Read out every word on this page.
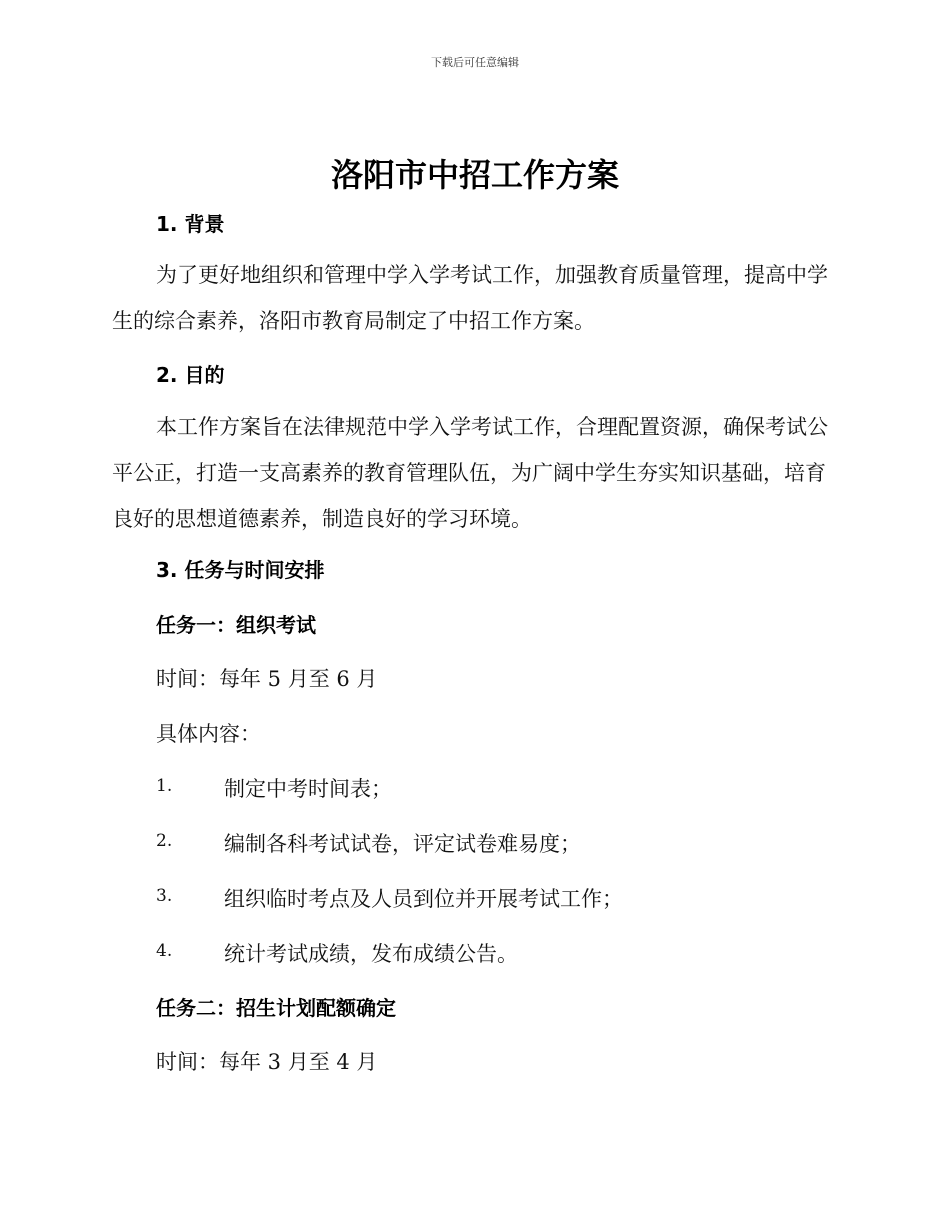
下载后可任意编辑
洛阳市中招工作方案
1. 背景
为了更好地组织和管理中学入学考试工作，加强教育质量管理，提高中学生的综合素养，洛阳市教育局制定了中招工作方案。
2. 目的
本工作方案旨在法律规范中学入学考试工作，合理配置资源，确保考试公平公正，打造一支高素养的教育管理队伍，为广阔中学生夯实知识基础，培育良好的思想道德素养，制造良好的学习环境。
3. 任务与时间安排
任务一：组织考试
时间：每年 5 月至 6 月
具体内容：
1. 制定中考时间表；
2. 编制各科考试试卷，评定试卷难易度；
3. 组织临时考点及人员到位并开展考试工作；
4. 统计考试成绩，发布成绩公告。
任务二：招生计划配额确定
时间：每年 3 月至 4 月
